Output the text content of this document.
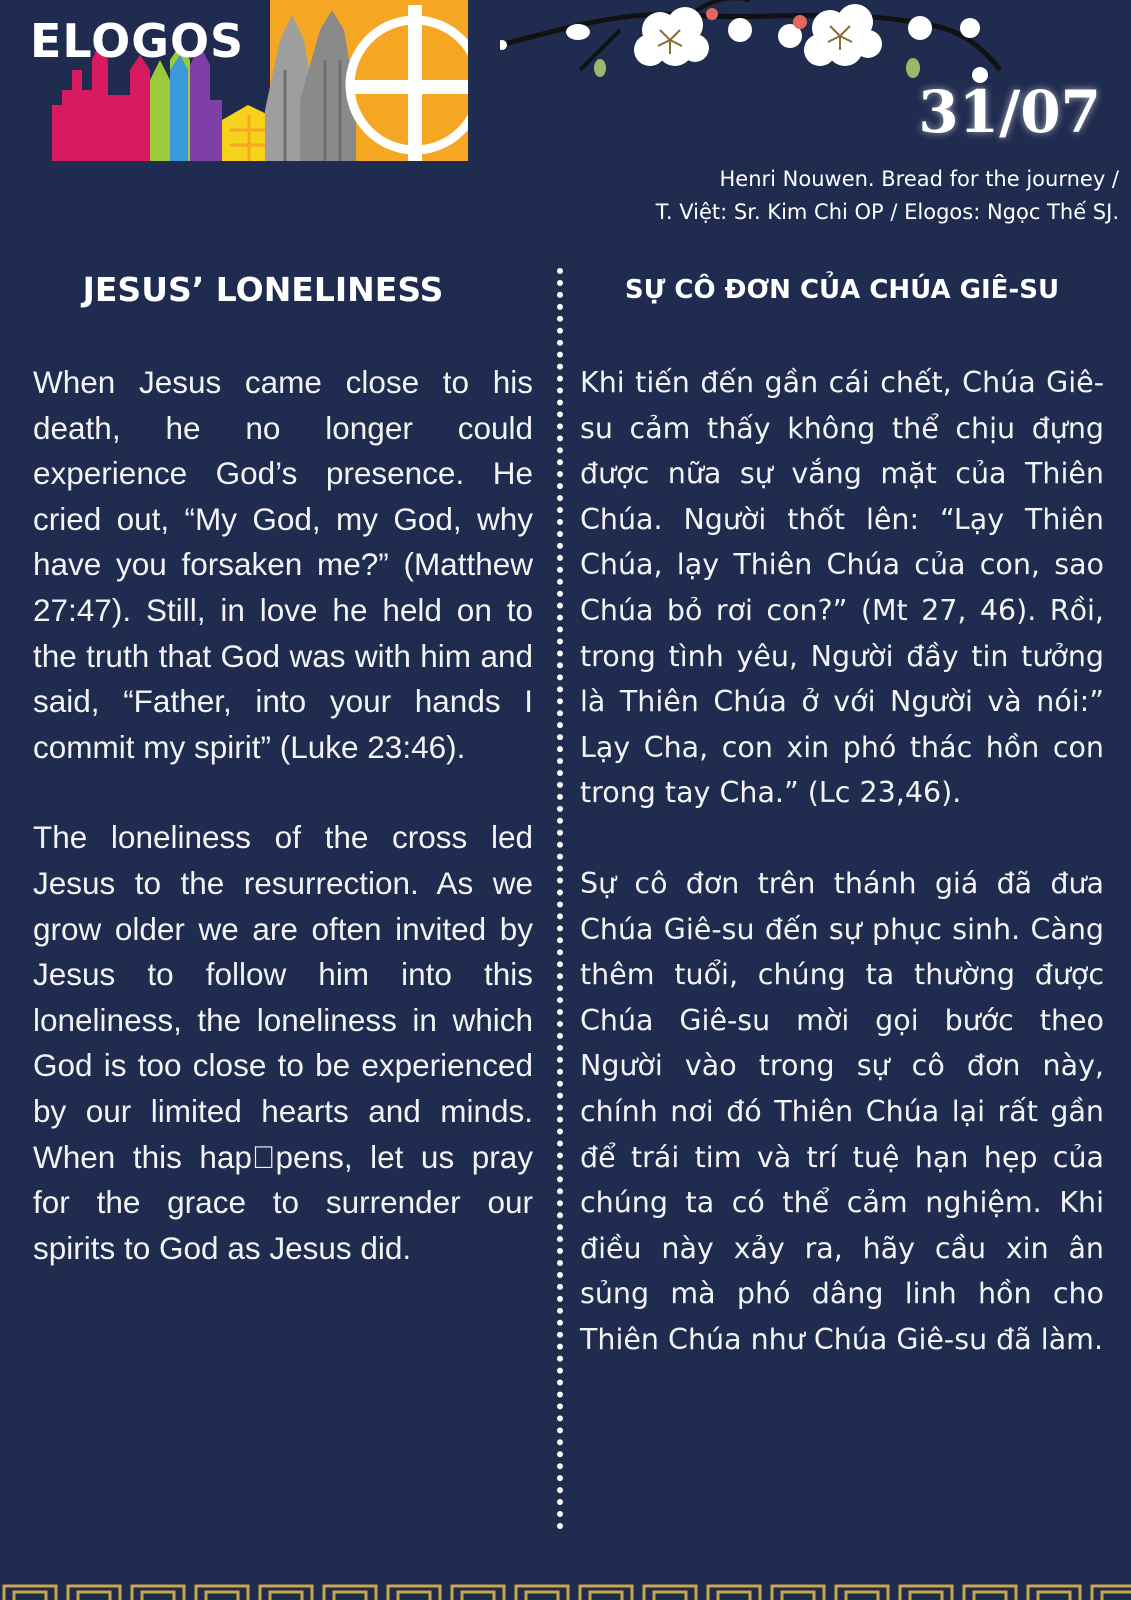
ELOGOS
31/07
Henri Nouwen. Bread for the journey /
T. Việt: Sr. Kim Chi OP / Elogos: Ngọc Thế SJ.
JESUS’ LONELINESS

When Jesus came close to his death, he no longer could experience God’s presence. He cried out, “My God, my God, why have you forsaken me?” (Matthew 27:47). Still, in love he held on to the truth that God was with him and said, “Father, into your hands I commit my spirit” (Luke 23:46).

The loneliness of the cross led Jesus to the resurrection. As we grow older we are often invited by Jesus to follow him into this loneliness, the loneliness in which God is too close to be experienced by our limited hearts and minds. When this hap pens, let us pray for the grace to surrender our spirits to God as Jesus did.

SỰ CÔ ĐƠN CỦA CHÚA GIÊ-SU

Khi tiến đến gần cái chết, Chúa Giê-su cảm thấy không thể chịu đựng được nữa sự vắng mặt của Thiên Chúa. Người thốt lên: “Lạy Thiên Chúa, lạy Thiên Chúa của con, sao Chúa bỏ rơi con?” (Mt 27, 46). Rồi, trong tình yêu, Người đầy tin tưởng là Thiên Chúa ở với Người và nói:” Lạy Cha, con xin phó thác hồn con trong tay Cha.” (Lc 23,46).

Sự cô đơn trên thánh giá đã đưa Chúa Giê-su đến sự phục sinh. Càng thêm tuổi, chúng ta thường được Chúa Giê-su mời gọi bước theo Người vào trong sự cô đơn này, chính nơi đó Thiên Chúa lại rất gần để trái tim và trí tuệ hạn hẹp của chúng ta có thể cảm nghiệm. Khi điều này xảy ra, hãy cầu xin ân sủng mà phó dâng linh hồn cho Thiên Chúa như Chúa Giê-su đã làm.
